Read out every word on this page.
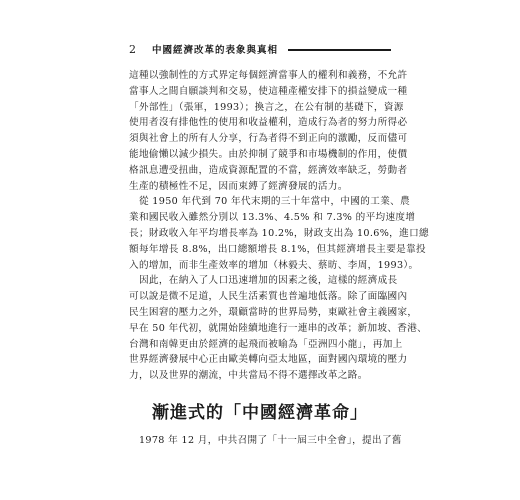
2 中國經濟改革的表象與真相
這種以強制性的方式界定每個經濟當事人的權利和義務，不允許
當事人之間自願談判和交易，使這種產權安排下的損益變成一種
「外部性」（張軍，1993）；換言之，在公有制的基礎下，資源
使用者沒有排他性的使用和收益權利，造成行為者的努力所得必
須與社會上的所有人分享，行為者得不到正向的激勵，反而儘可
能地偷懶以減少損失。由於抑制了競爭和市場機制的作用，使價
格訊息遭受扭曲，造成資源配置的不當，經濟效率缺乏，勞動者
生產的積極性不足，因而束縛了經濟發展的活力。
　從 1950 年代到 70 年代末期的三十年當中，中國的工業、農
業和國民收入雖然分別以 13.3%、4.5% 和 7.3% 的平均速度增
長；財政收入年平均增長率為 10.2%，財政支出為 10.6%，進口總
額每年增長 8.8%，出口總額增長 8.1%，但其經濟增長主要是靠投
入的增加，而非生產效率的增加（林毅夫、蔡昉、李周，1993）。
　因此，在納入了人口迅速增加的因素之後，這樣的經濟成長
可以說是微不足道，人民生活素質也普遍地低落。除了面臨國內
民生困窘的壓力之外，環顧當時的世界局勢，東歐社會主義國家，
早在 50 年代初，就開始陸續地進行一連串的改革；新加坡、香港、
台灣和南韓更由於經濟的起飛而被喻為「亞洲四小龍」，再加上
世界經濟發展中心正由歐美轉向亞太地區，面對國內環境的壓力
力，以及世界的潮流，中共當局不得不選擇改革之路。
漸進式的「中國經濟革命」
　1978 年 12 月，中共召開了「十一屆三中全會」，提出了舊
